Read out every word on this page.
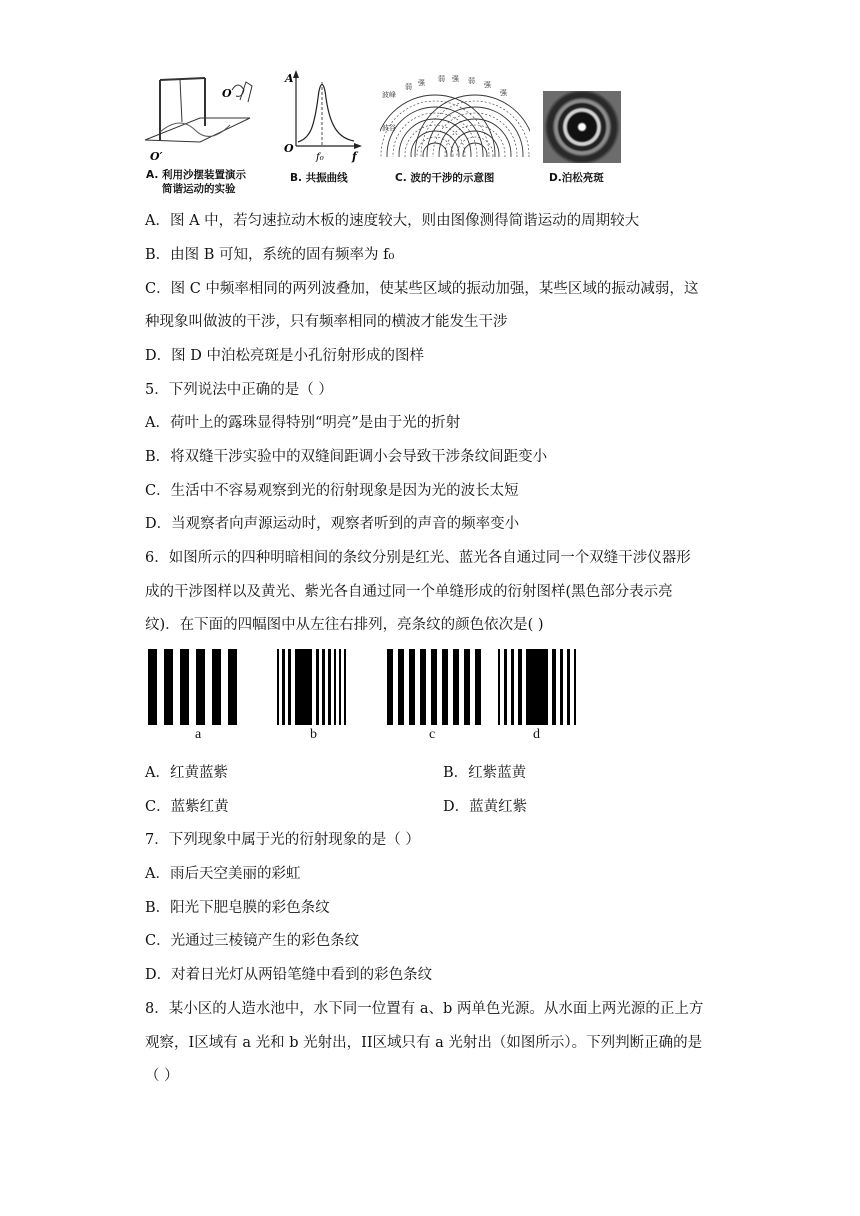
O
O′
A. 利用沙摆装置演示
简谐运动的实验
A
O
f₀	f
B. 共振曲线
波峰
波谷
强
弱 强 弱
强
弱
强
C. 波的干涉的示意图	D.泊松亮斑
A．图 A 中，若匀速拉动木板的速度较大，则由图像测得简谐运动的周期较大
B．由图 B 可知，系统的固有频率为 f₀
C．图 C 中频率相同的两列波叠加，使某些区域的振动加强，某些区域的振动减弱，这
种现象叫做波的干涉，只有频率相同的横波才能发生干涉
D．图 D 中泊松亮斑是小孔衍射形成的图样
5．下列说法中正确的是（ ）
A．荷叶上的露珠显得特别“明亮”是由于光的折射
B．将双缝干涉实验中的双缝间距调小会导致干涉条纹间距变小
C．生活中不容易观察到光的衍射现象是因为光的波长太短
D．当观察者向声源运动时，观察者听到的声音的频率变小
6．如图所示的四种明暗相间的条纹分别是红光、蓝光各自通过同一个双缝干涉仪器形
成的干涉图样以及黄光、紫光各自通过同一个单缝形成的衍射图样(黑色部分表示亮
纹)．在下面的四幅图中从左往右排列，亮条纹的颜色依次是( )
a	b	c	d
A．红黄蓝紫	B．红紫蓝黄
C．蓝紫红黄	D．蓝黄红紫
7．下列现象中属于光的衍射现象的是（ ）
A．雨后天空美丽的彩虹
B．阳光下肥皂膜的彩色条纹
C．光通过三棱镜产生的彩色条纹
D．对着日光灯从两铅笔缝中看到的彩色条纹
8．某小区的人造水池中，水下同一位置有 a、b 两单色光源。从水面上两光源的正上方
观察，I区域有 a 光和 b 光射出，II区域只有 a 光射出（如图所示）。下列判断正确的是
（ ）
